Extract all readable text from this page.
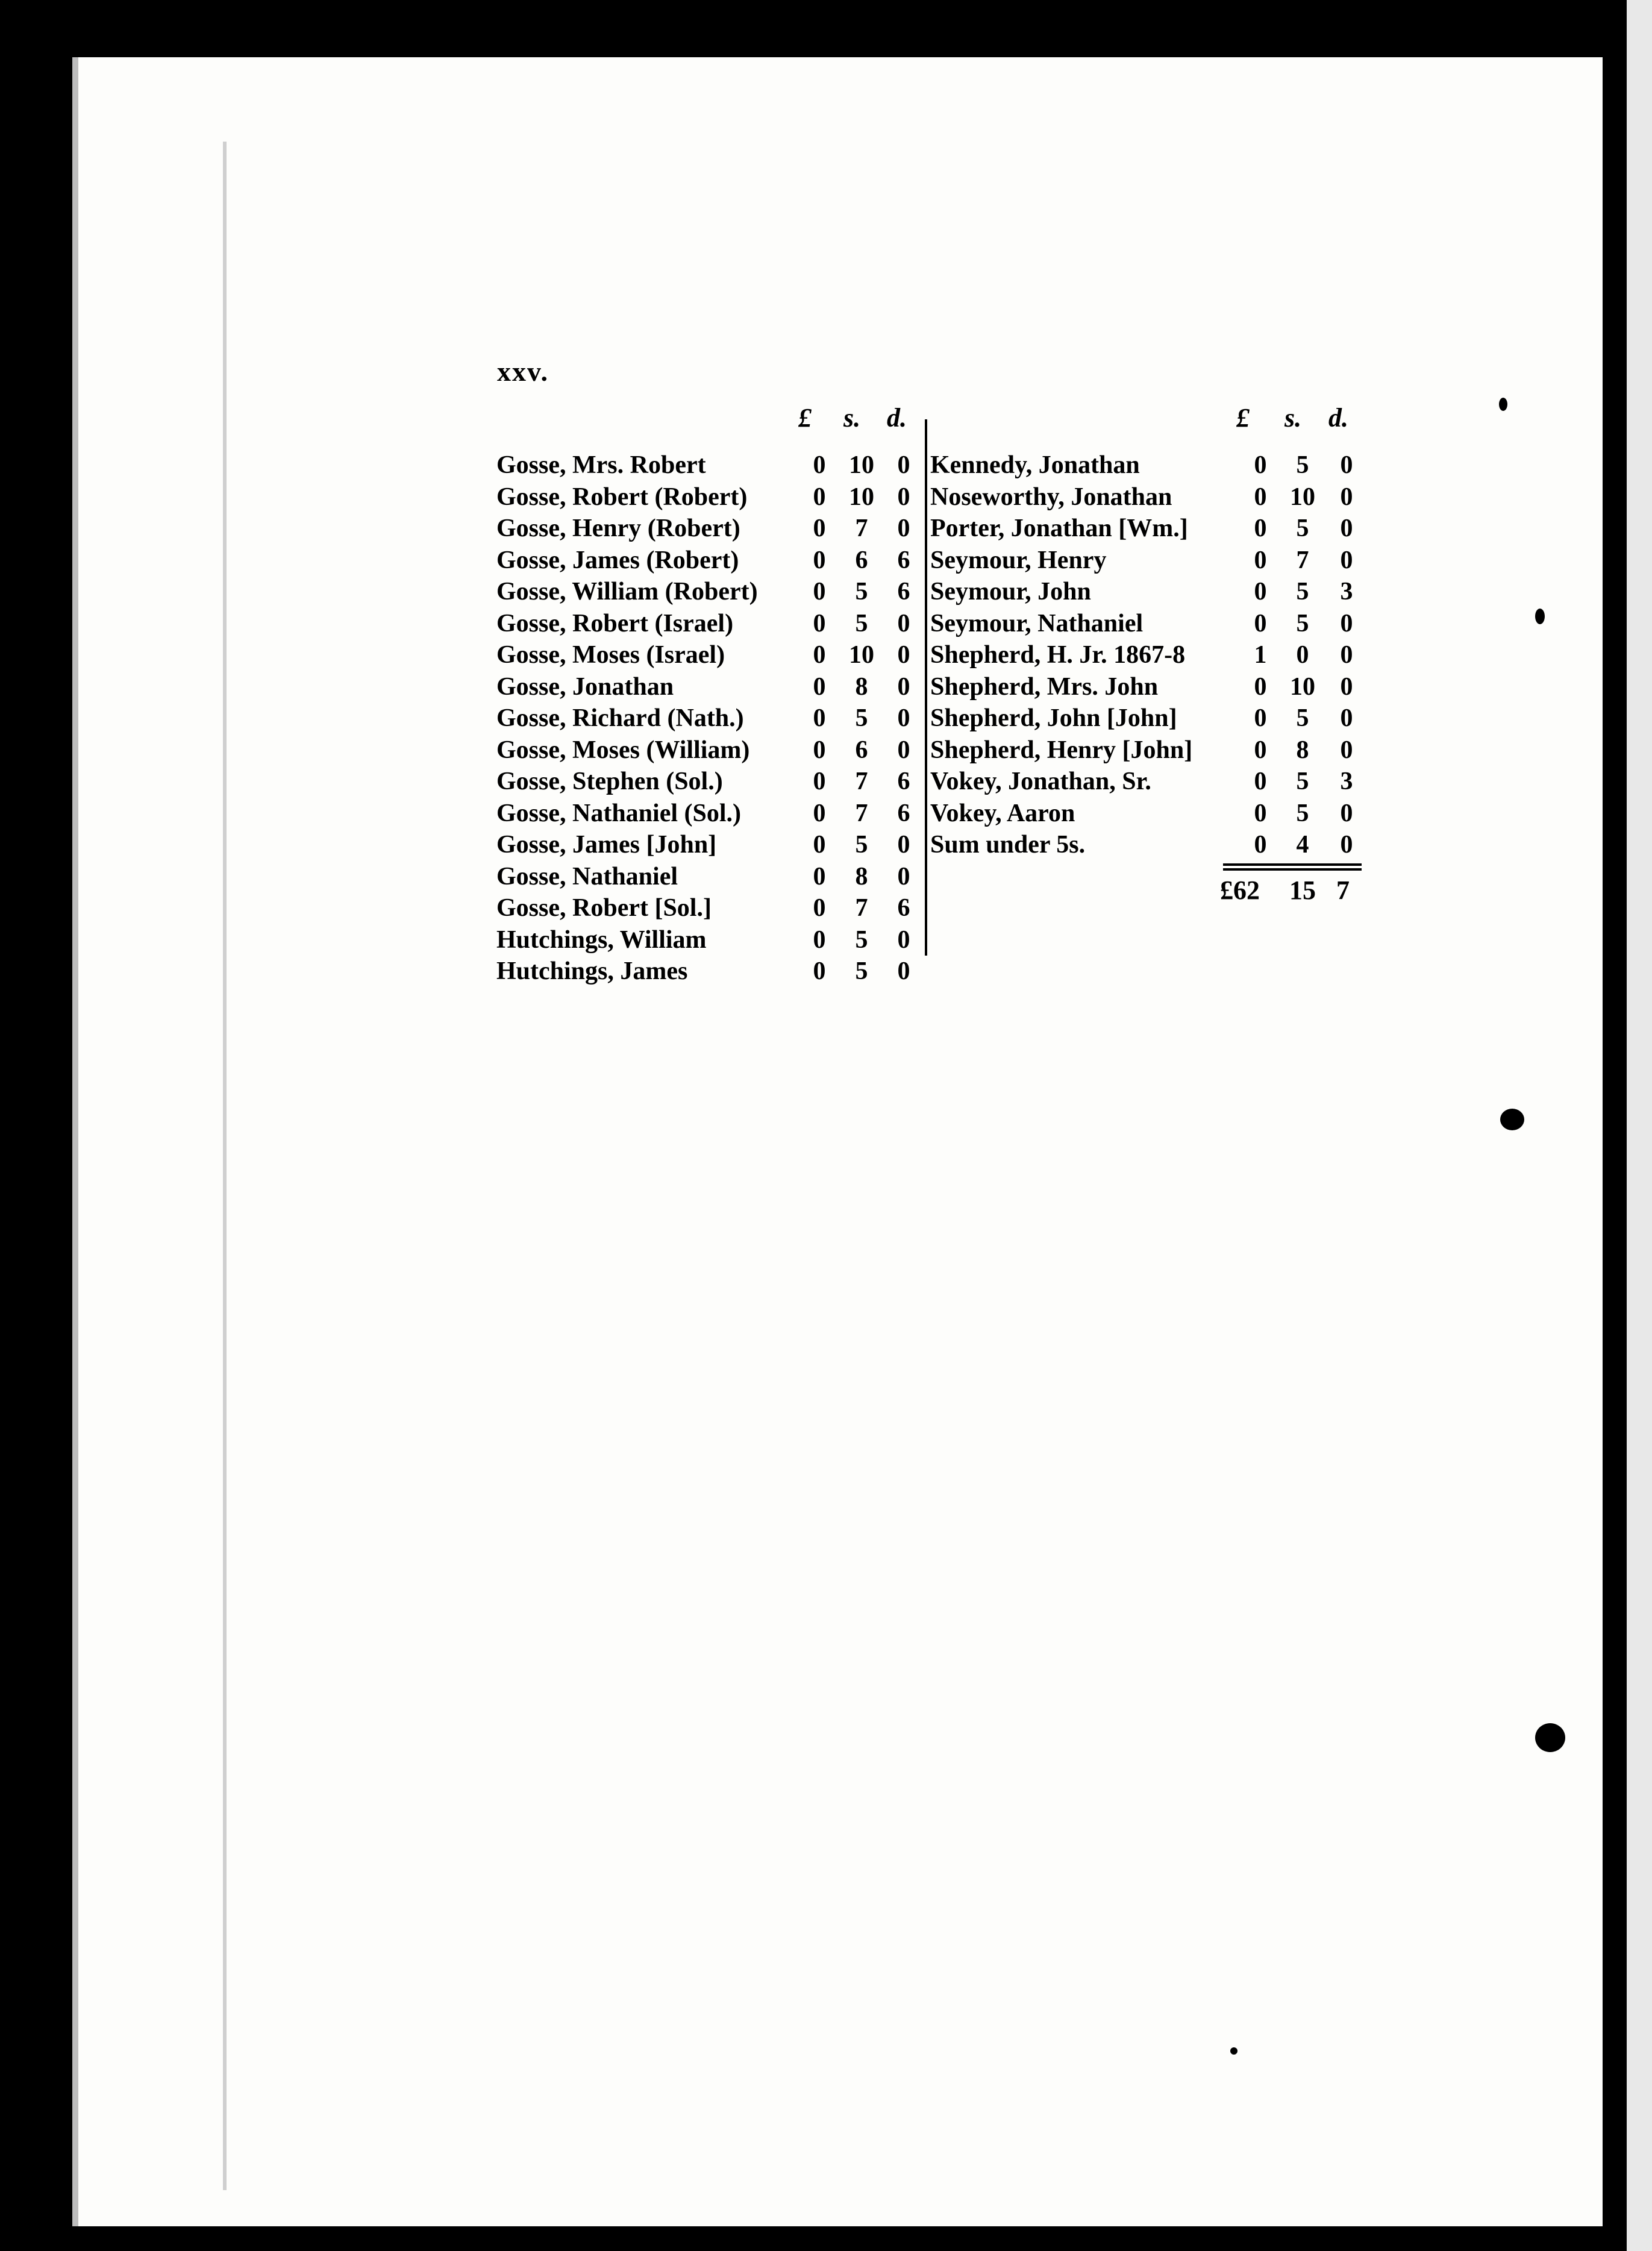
xxv.
£ s. d.
Gosse, Mrs. Robert	0 10 0
Gosse, Robert (Robert)	0 10 0
Gosse, Henry (Robert)	0	7	0
Gosse, James (Robert)	0	6	6
Gosse, William (Robert)	0	5	6
Gosse, Robert (Israel)	0	5	0
Gosse, Moses (Israel)	0 10 0
Gosse, Jonathan	0	8	0
Gosse, Richard (Nath.)	0	5	0
Gosse, Moses (William)	0	6	0
Gosse, Stephen (Sol.)	0	7	6
Gosse, Nathaniel (Sol.)	0	7	6
Gosse, James [John]	0	5	0
Gosse, Nathaniel	0	8	0
Gosse, Robert [Sol.]	0	7	6
Hutchings, William	0	5	0
Hutchings, James	0	5	0
£ s. d.
Kennedy, Jonathan	0	5	0
Noseworthy, Jonathan	0 10 0
Porter, Jonathan [Wm.]	0	5	0
Seymour, Henry	0	7	0
Seymour, John	0	5	3
Seymour, Nathaniel	0	5	0
Shepherd, H. Jr. 1867-8	1	0	0
Shepherd, Mrs. John	0 10 0
Shepherd, John [John]	0	5	0
Shepherd, Henry [John]	0	8	0
Vokey, Jonathan, Sr.	0	5	3
Vokey, Aaron	0	5	0
Sum under 5s.	0	4	0
£62 15 7
